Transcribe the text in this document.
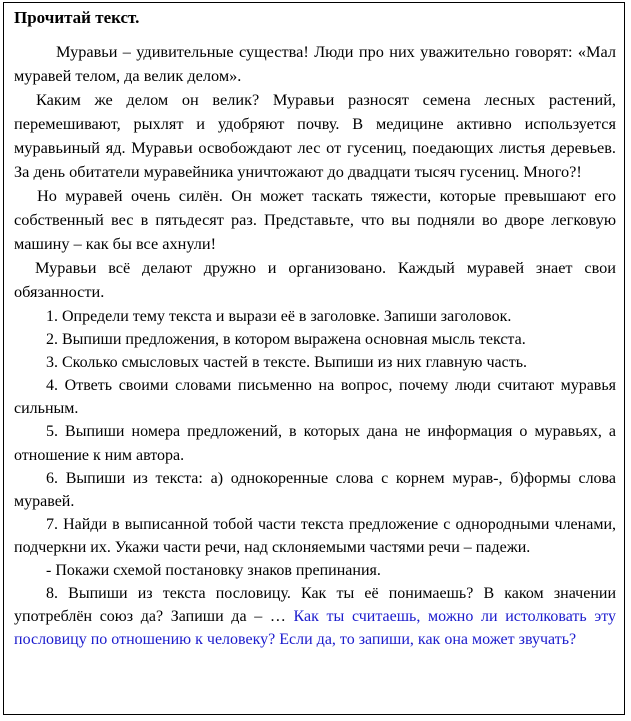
Прочитай текст.

Муравьи – удивительные существа! Люди про них уважительно говорят: «Мал муравей телом, да велик делом».

Каким же делом он велик? Муравьи разносят семена лесных растений, перемешивают, рыхлят и удобряют почву. В медицине активно используется муравьиный яд. Муравьи освобождают лес от гусениц, поедающих листья деревьев. За день обитатели муравейника уничтожают до двадцати тысяч гусениц. Много?!

Но муравей очень силён. Он может таскать тяжести, которые превышают его собственный вес в пятьдесят раз. Представьте, что вы подняли во дворе легковую машину – как бы все ахнули!

Муравьи всё делают дружно и организовано. Каждый муравей знает свои обязанности.

1. Определи тему текста и вырази её в заголовке. Запиши заголовок.

2. Выпиши предложения, в котором выражена основная мысль текста.

3. Сколько смысловых частей в тексте. Выпиши из них главную часть.

4. Ответь своими словами письменно на вопрос, почему люди считают муравья сильным.

5. Выпиши номера предложений, в которых дана не информация о муравьях, а отношение к ним автора.

6. Выпиши из текста: а) однокоренные слова с корнем мурав-, б)формы слова муравей.

7. Найди в выписанной тобой части текста предложение с однородными членами, подчеркни их. Укажи части речи, над склоняемыми частями речи – падежи.

- Покажи схемой постановку знаков препинания.

8. Выпиши из текста пословицу. Как ты её понимаешь? В каком значении употреблён союз да? Запиши да – … Как ты считаешь, можно ли истолковать эту пословицу по отношению к человеку? Если да, то запиши, как она может звучать?
